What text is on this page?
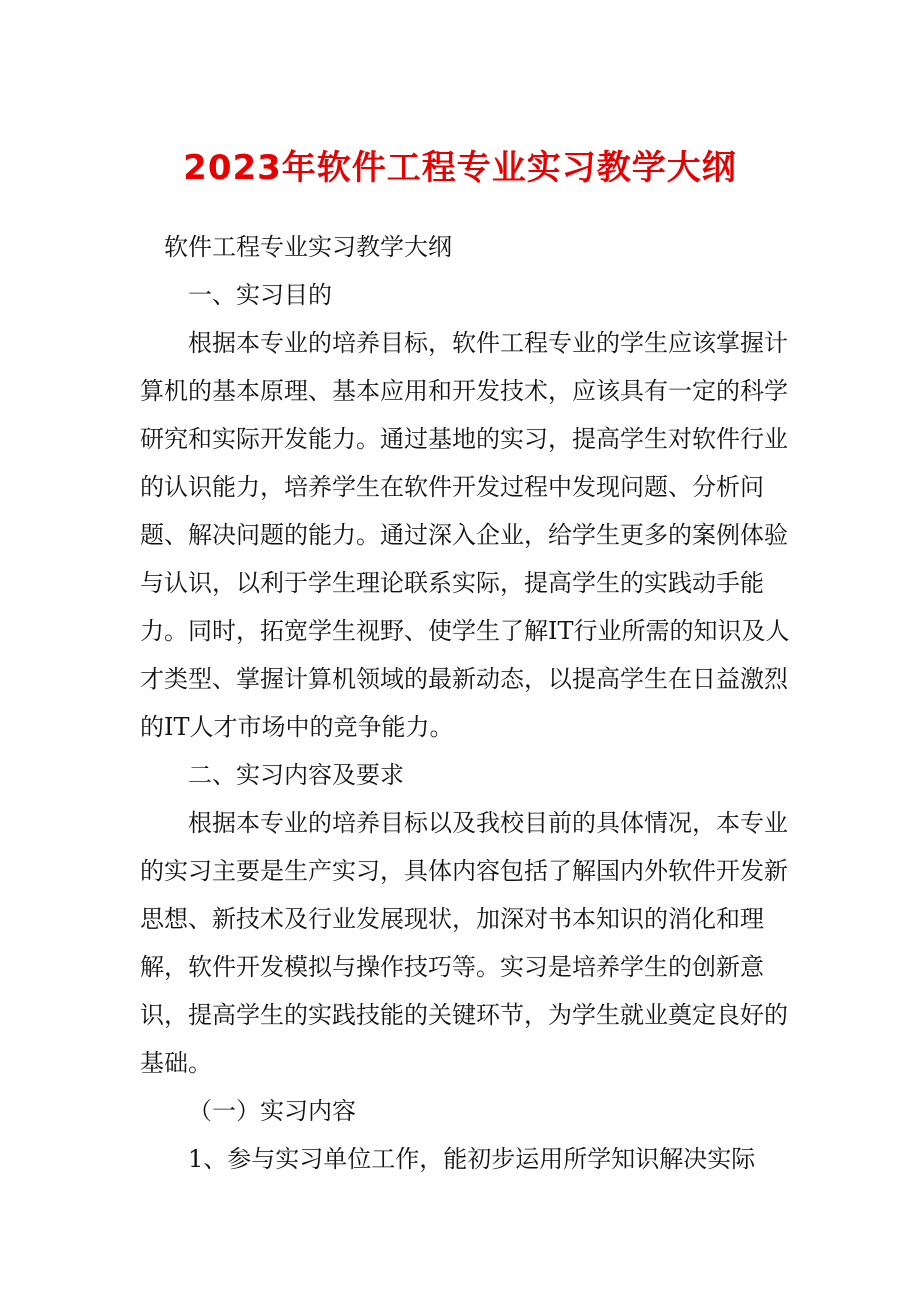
2023年软件工程专业实习教学大纲

软件工程专业实习教学大纲

一、实习目的

根据本专业的培养目标，软件工程专业的学生应该掌握计算机的基本原理、基本应用和开发技术，应该具有一定的科学研究和实际开发能力。通过基地的实习，提高学生对软件行业的认识能力，培养学生在软件开发过程中发现问题、分析问题、解决问题的能力。通过深入企业，给学生更多的案例体验与认识，以利于学生理论联系实际，提高学生的实践动手能力。同时，拓宽学生视野、使学生了解IT行业所需的知识及人才类型、掌握计算机领域的最新动态，以提高学生在日益激烈的IT人才市场中的竞争能力。

二、实习内容及要求

根据本专业的培养目标以及我校目前的具体情况，本专业的实习主要是生产实习，具体内容包括了解国内外软件开发新思想、新技术及行业发展现状，加深对书本知识的消化和理解，软件开发模拟与操作技巧等。实习是培养学生的创新意识，提高学生的实践技能的关键环节，为学生就业奠定良好的基础。

（一）实习内容

1、参与实习单位工作，能初步运用所学知识解决实际
